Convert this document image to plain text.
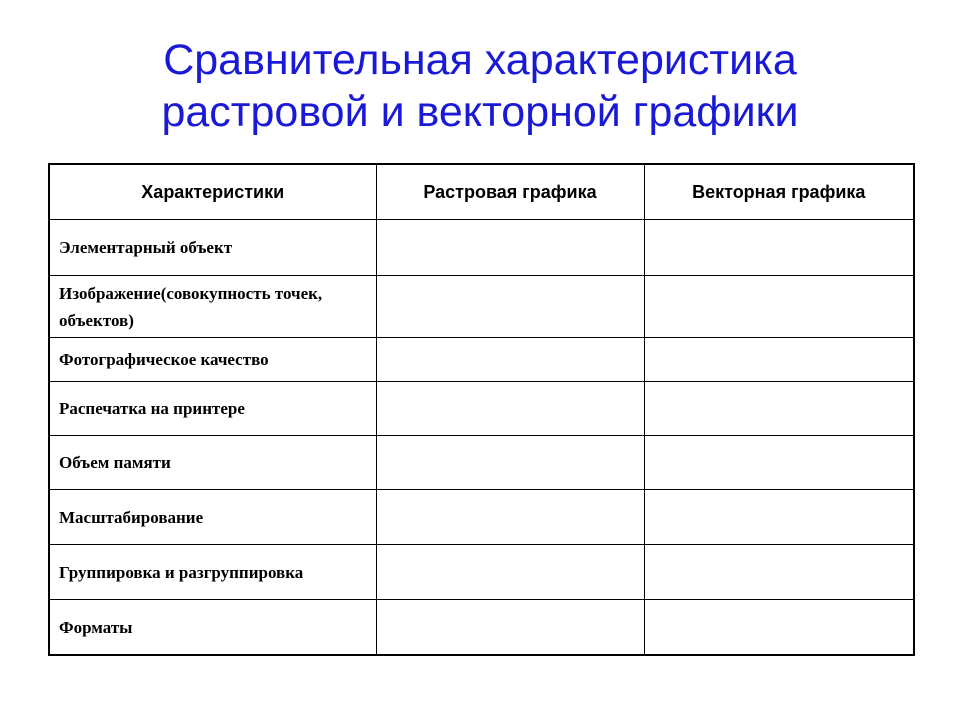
Сравнительная характеристика
растровой и векторной графики
Характеристики	Растровая графика	Векторная графика
Элементарный объект		
Изображение(совокупность точек, объектов)		
Фотографическое качество		
Распечатка на принтере		
Объем памяти		
Масштабирование		
Группировка и разгруппировка		
Форматы		
